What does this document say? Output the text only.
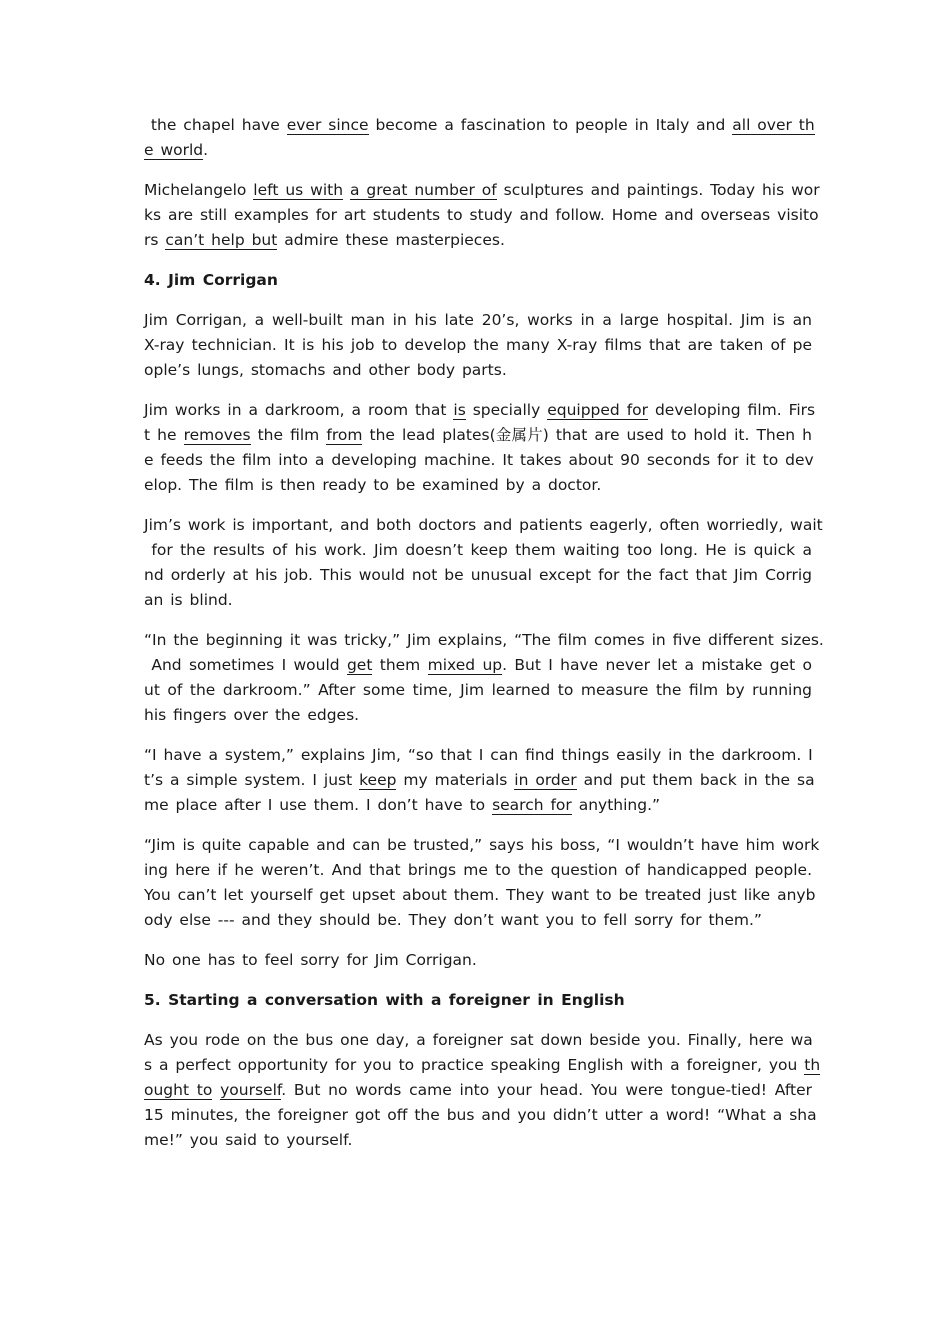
the chapel have ever since become a fascination to people in Italy and all over th
e world.
Michelangelo left us with a great number of sculptures and paintings. Today his wor
ks are still examples for art students to study and follow. Home and overseas visito
rs can’t help but admire these masterpieces.
4. Jim Corrigan
Jim Corrigan, a well-built man in his late 20’s, works in a large hospital. Jim is an
X-ray technician. It is his job to develop the many X-ray films that are taken of pe
ople’s lungs, stomachs and other body parts.
Jim works in a darkroom, a room that is specially equipped for developing film. Firs
t he removes the film from the lead plates(金属片) that are used to hold it. Then h
e feeds the film into a developing machine. It takes about 90 seconds for it to dev
elop. The film is then ready to be examined by a doctor.
Jim’s work is important, and both doctors and patients eagerly, often worriedly, wait
for the results of his work. Jim doesn’t keep them waiting too long. He is quick a
nd orderly at his job. This would not be unusual except for the fact that Jim Corrig
an is blind.
“In the beginning it was tricky,” Jim explains, “The film comes in five different sizes.
And sometimes I would get them mixed up. But I have never let a mistake get o
ut of the darkroom.” After some time, Jim learned to measure the film by running
his fingers over the edges.
“I have a system,” explains Jim, “so that I can find things easily in the darkroom. I
t’s a simple system. I just keep my materials in order and put them back in the sa
me place after I use them. I don’t have to search for anything.”
“Jim is quite capable and can be trusted,” says his boss, “I wouldn’t have him work
ing here if he weren’t. And that brings me to the question of handicapped people.
You can’t let yourself get upset about them. They want to be treated just like anyb
ody else --- and they should be. They don’t want you to fell sorry for them.”
No one has to feel sorry for Jim Corrigan.
5. Starting a conversation with a foreigner in English
As you rode on the bus one day, a foreigner sat down beside you. Finally, here wa
s a perfect opportunity for you to practice speaking English with a foreigner, you th
ought to yourself. But no words came into your head. You were tongue-tied! After
15 minutes, the foreigner got off the bus and you didn’t utter a word! “What a sha
me!” you said to yourself.
